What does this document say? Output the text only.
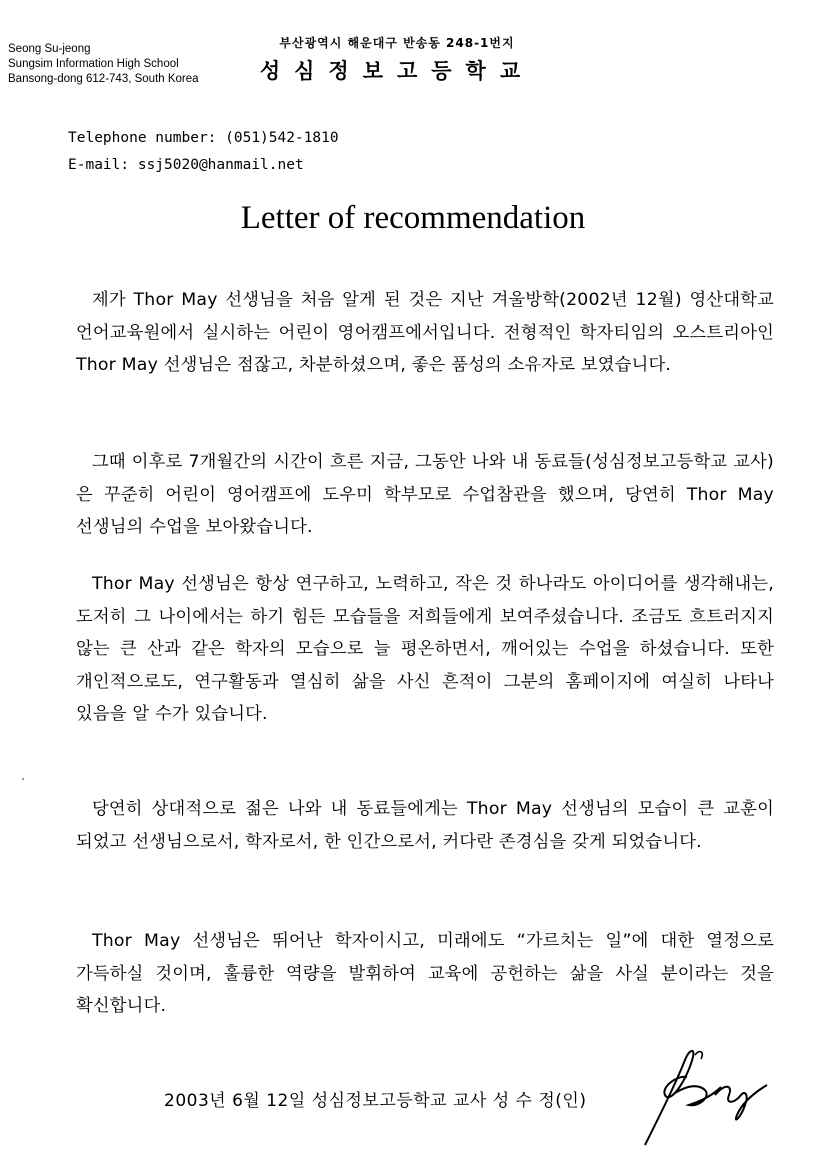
Seong Su-jeong
Sungsim Information High School
Bansong-dong 612-743, South Korea
부산광역시 해운대구 반송동 248-1번지
성심정보고등학교
Telephone number: (051)542-1810
E-mail: ssj5020@hanmail.net
Letter of recommendation
제가 Thor May 선생님을 처음 알게 된 것은 지난 겨울방학(2002년 12월) 영산대학교 언어교육원에서 실시하는 어린이 영어캠프에서입니다. 전형적인 학자티임의 오스트리아인 Thor May 선생님은 점잖고, 차분하셨으며, 좋은 품성의 소유자로 보였습니다.
그때 이후로 7개월간의 시간이 흐른 지금, 그동안 나와 내 동료들(성심정보고등학교 교사)은 꾸준히 어린이 영어캠프에 도우미 학부모로 수업참관을 했으며, 당연히 Thor May 선생님의 수업을 보아왔습니다.
Thor May 선생님은 항상 연구하고, 노력하고, 작은 것 하나라도 아이디어를 생각해내는, 도저히 그 나이에서는 하기 힘든 모습들을 저희들에게 보여주셨습니다. 조금도 흐트러지지 않는 큰 산과 같은 학자의 모습으로 늘 평온하면서, 깨어있는 수업을 하셨습니다. 또한 개인적으로도, 연구활동과 열심히 삶을 사신 흔적이 그분의 홈페이지에 여실히 나타나 있음을 알 수가 있습니다.
당연히 상대적으로 젊은 나와 내 동료들에게는 Thor May 선생님의 모습이 큰 교훈이 되었고 선생님으로서, 학자로서, 한 인간으로서, 커다란 존경심을 갖게 되었습니다.
Thor May 선생님은 뛰어난 학자이시고, 미래에도 “가르치는 일”에 대한 열정으로 가득하실 것이며, 훌륭한 역량을 발휘하여 교육에 공헌하는 삶을 사실 분이라는 것을 확신합니다.
2003년 6월 12일 성심정보고등학교 교사 성 수 정(인)
